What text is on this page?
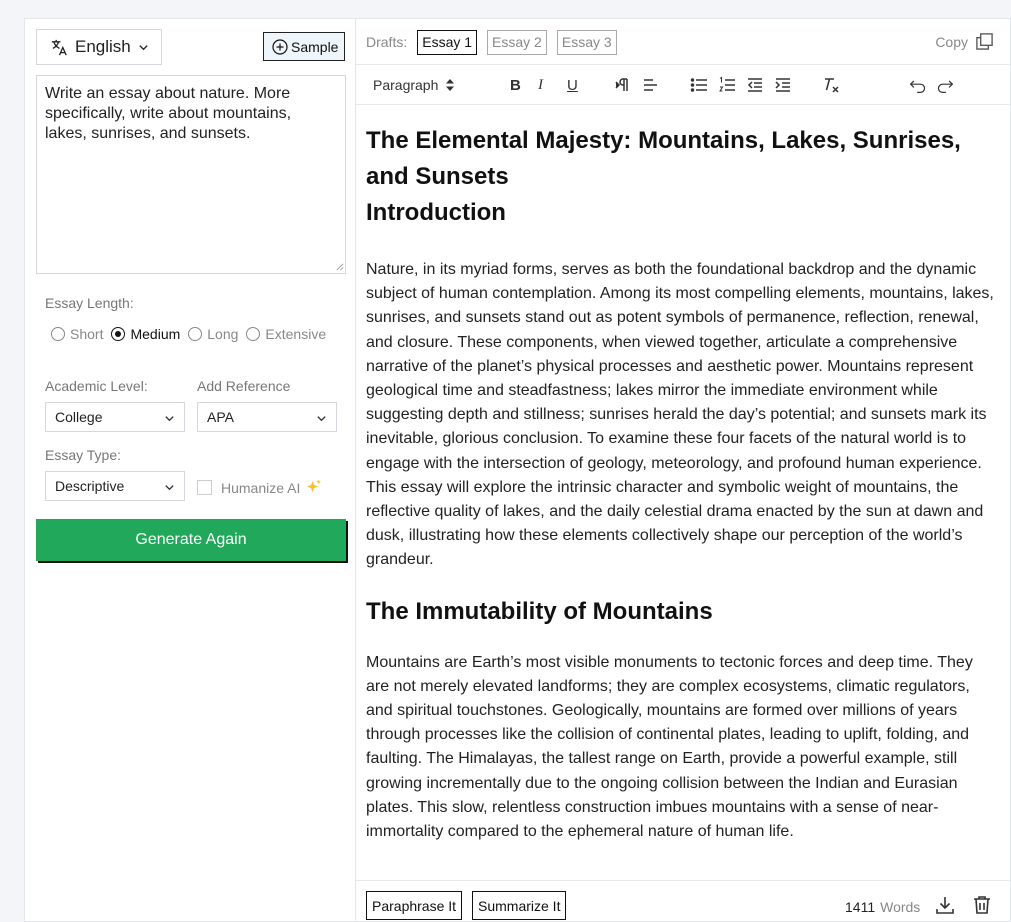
English	Sample
Write an essay about nature. More specifically, write about mountains, lakes, sunrises, and sunsets.
Essay Length:
Short Medium Long Extensive
Academic Level:	Add Reference
College	APA
Essay Type:
Descriptive	Humanize AI
Generate Again
Drafts:	Essay 1	Essay 2	Essay 3	Copy
Paragraph	B I U
The Elemental Majesty: Mountains, Lakes, Sunrises, and Sunsets
Introduction

Nature, in its myriad forms, serves as both the foundational backdrop and the dynamic subject of human contemplation. Among its most compelling elements, mountains, lakes, sunrises, and sunsets stand out as potent symbols of permanence, reflection, renewal, and closure. These components, when viewed together, articulate a comprehensive narrative of the planet’s physical processes and aesthetic power. Mountains represent geological time and steadfastness; lakes mirror the immediate environment while suggesting depth and stillness; sunrises herald the day’s potential; and sunsets mark its inevitable, glorious conclusion. To examine these four facets of the natural world is to engage with the intersection of geology, meteorology, and profound human experience. This essay will explore the intrinsic character and symbolic weight of mountains, the reflective quality of lakes, and the daily celestial drama enacted by the sun at dawn and dusk, illustrating how these elements collectively shape our perception of the world’s grandeur.

The Immutability of Mountains

Mountains are Earth’s most visible monuments to tectonic forces and deep time. They are not merely elevated landforms; they are complex ecosystems, climatic regulators, and spiritual touchstones. Geologically, mountains are formed over millions of years through processes like the collision of continental plates, leading to uplift, folding, and faulting. The Himalayas, the tallest range on Earth, provide a powerful example, still growing incrementally due to the ongoing collision between the Indian and Eurasian plates. This slow, relentless construction imbues mountains with a sense of near-immortality compared to the ephemeral nature of human life.

Paraphrase It	Summarize It	1411 Words
